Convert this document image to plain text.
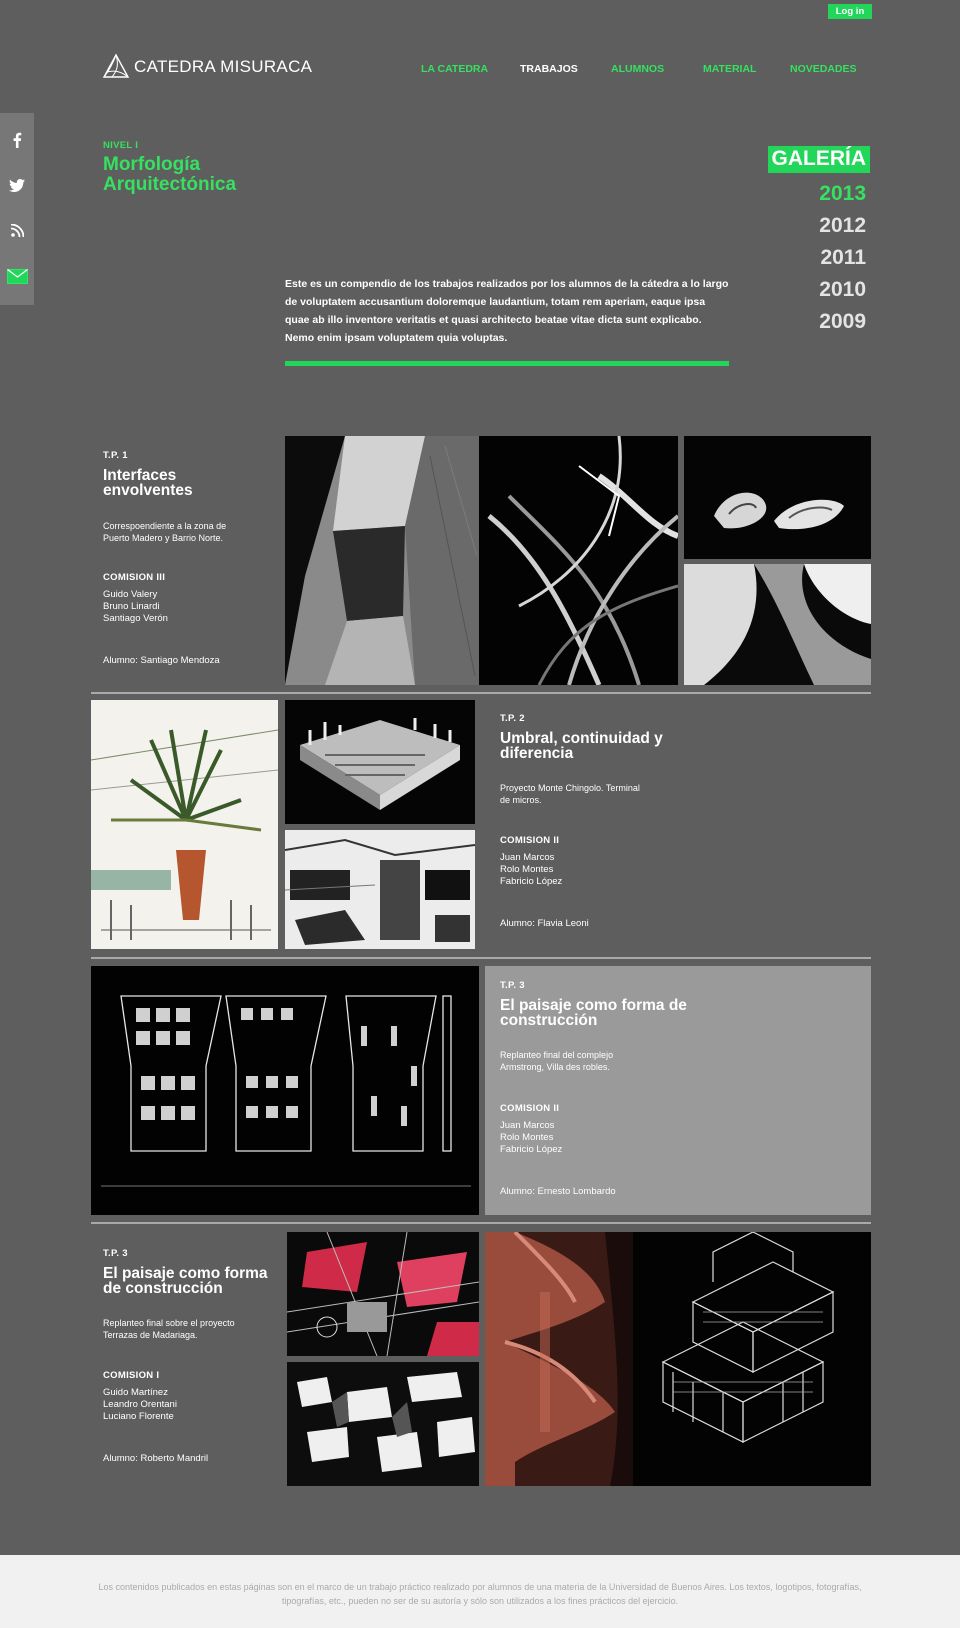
Log in
CATEDRA MISURACA	LA CATEDRA	TRABAJOS	ALUMNOS	MATERIAL	NOVEDADES
NIVEL I
Morfología Arquitectónica
GALERÍA
2013
2012
2011
2010
2009

Este es un compendio de los trabajos realizados por los alumnos de la cátedra a lo largo de voluptatem accusantium doloremque laudantium, totam rem aperiam, eaque ipsa quae ab illo inventore veritatis et quasi architecto beatae vitae dicta sunt explicabo. Nemo enim ipsam voluptatem quia voluptas.

T.P. 1
Interfaces envolventes

Correspoendiente a la zona de Puerto Madero y Barrio Norte.

COMISION III
Guido Valery
Bruno Linardi
Santiago Verón
Alumno: Santiago Mendoza
T.P. 2
Umbral, continuidad y diferencia

Proyecto Monte Chingolo. Terminal de micros.

COMISION II
Juan Marcos
Rolo Montes
Fabricio López
Alumno: Flavia Leoni
T.P. 3
El paisaje como forma de construcción

Replanteo final del complejo Armstrong, Villa des robles.

COMISION II
Juan Marcos
Rolo Montes
Fabricio López
Alumno: Ernesto Lombardo
T.P. 3
El paisaje como forma de construcción

Replanteo final sobre el proyecto Terrazas de Madariaga.

COMISION I
Guido Martínez
Leandro Orentani
Luciano Florente
Alumno: Roberto Mandril

Los contenidos publicados en estas páginas son en el marco de un trabajo práctico realizado por alumnos de una materia de la Universidad de Buenos Aires. Los textos, logotipos, fotografías, tipografías, etc., pueden no ser de su autoría y sólo son utilizados a los fines prácticos del ejercicio.
